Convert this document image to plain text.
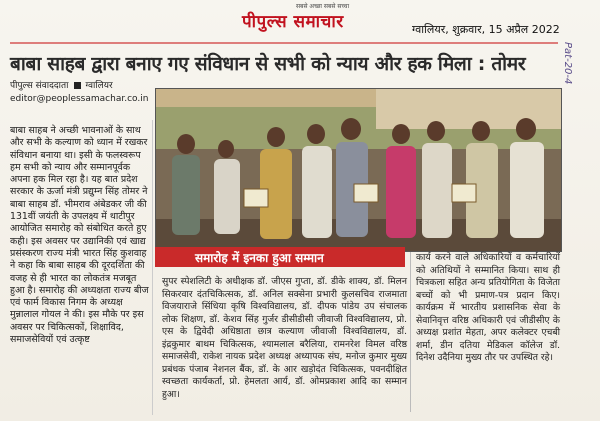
सबसे अच्छा सबसे सच्चा
पीपुल्स समाचार	ग्वालियर, शुक्रवार, 15 अप्रैल 2022
बाबा साहब द्वारा बनाए गए संविधान से सभी को न्याय और हक मिला : तोमर
पीपुल्स संवाददाता ग्वालियर
editor@peoplessamachar.co.in

बाबा साहब ने अच्छी भावनाओं के साथ और सभी के कल्याण को ध्यान में रखकर संविधान बनाया था। इसी के फलस्वरूप हम सभी को न्याय और सम्मानपूर्वक अपना हक मिल रहा है। यह बात प्रदेश सरकार के ऊर्जा मंत्री प्रद्युम्न सिंह तोमर ने बाबा साहब डॉ. भीमराव अंबेडकर जी की 131वीं जयंती के उपलक्ष्य में थाटीपुर आयोजित समारोह को संबोधित करते हुए कही। इस अवसर पर उद्यानिकी एवं खाद्य प्रसंस्करण राज्य मंत्री भारत सिंह कुशवाह ने कहा कि बाबा साहब की दूरदर्शिता की वजह से ही भारत का लोकतंत्र मजबूत हुआ है। समारोह की अध्यक्षता राज्य बीज एवं फार्म विकास निगम के अध्यक्ष मुन्नालाल गोयल ने की। इस मौके पर इस अवसर पर चिकित्सकों, शिक्षाविद, समाजसेवियों एवं उत्कृष्ट

समारोह में इनका हुआ सम्मान

सुपर स्पेशलिटी के अधीक्षक डॉ. जीएस गुप्ता, डॉ. डीके शाक्य, डॉ. मिलन सिकरवार दंतचिकित्सक, डॉ. अनिल सक्सेना प्रभारी कुलसचिव राजमाता विजयाराजे सिंधिया कृषि विश्वविद्यालय, डॉ. दीपक पांडेय उप संचालक लोक शिक्षण, डॉ. केशव सिंह गुर्जर डीसीडीसी जीवाजी विश्वविद्यालय, प्रो. एस के द्विवेदी अधिष्ठाता छात्र कल्याण जीवाजी विश्वविद्यालय, डॉ. इंद्रकुमार बाथम चिकित्सक, श्यामलाल बरैलिया, रामनरेश विमल वरिष्ठ समाजसेवी, राकेश नायक प्रदेश अध्यक्ष अध्यापक संघ, मनोज कुमार मुख्य प्रबंधक पंजाब नेशनल बैंक, डॉ. के आर खड़ोदंत चिकित्सक, पवनदीक्षित स्वच्छता कार्यकर्ता, प्रो. हेमलता आर्य, डॉ. ओमप्रकाश आदि का सम्मान हुआ।

कार्य करने वाले अधिकारियों व कर्मचारियों को अतिथियों ने सम्मानित किया। साथ ही चित्रकला सहित अन्य प्रतियोगिता के विजेता बच्चों को भी प्रमाण-पत्र प्रदान किए। कार्यक्रम में भारतीय प्रशासनिक सेवा के सेवानिवृत्त वरिष्ठ अधिकारी एवं जीडीसीए के अध्यक्ष प्रशांत मेहता, अपर कलेक्टर एचबी शर्मा, डीन दतिया मेडिकल कॉलेज डॉ. दिनेश उदैनिया मुख्य तौर पर उपस्थित रहे।
